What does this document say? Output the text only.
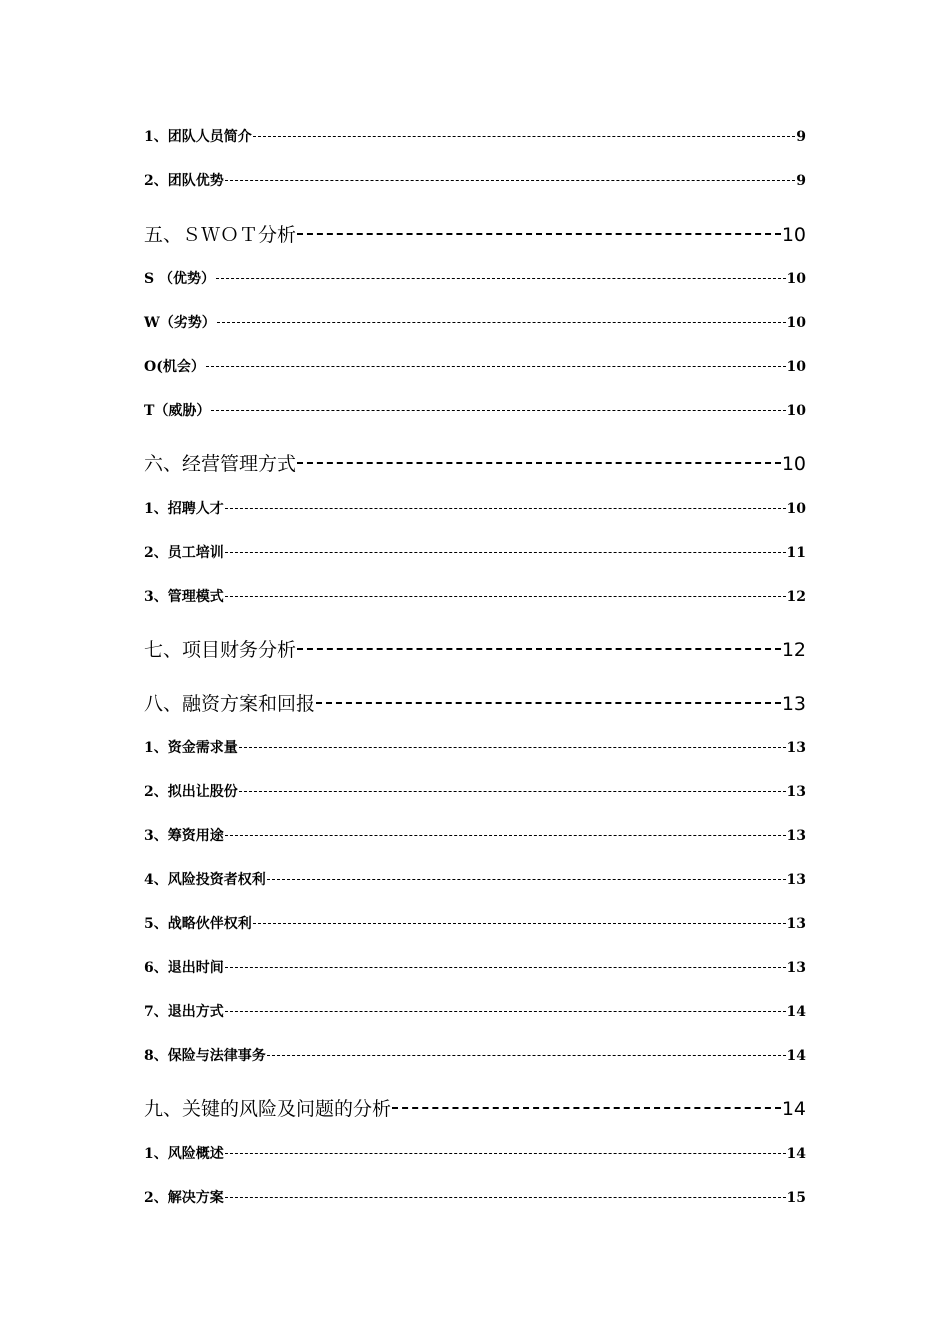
1、团队人员简介	9
2、团队优势	9
五、ＳＷＯＴ分析	10
S （优势）	10
W（劣势）	10
O(机会）	10
T（威胁）	10
六、经营管理方式	10
1、招聘人才	10
2、员工培训	11
3、管理模式	12
七、项目财务分析	12
八、融资方案和回报	13
1、资金需求量	13
2、拟出让股份	13
3、筹资用途	13
4、风险投资者权利	13
5、战略伙伴权利	13
6、退出时间	13
7、退出方式	14
8、保险与法律事务	14
九、关键的风险及问题的分析	14
1、风险概述	14
2、解决方案	15
